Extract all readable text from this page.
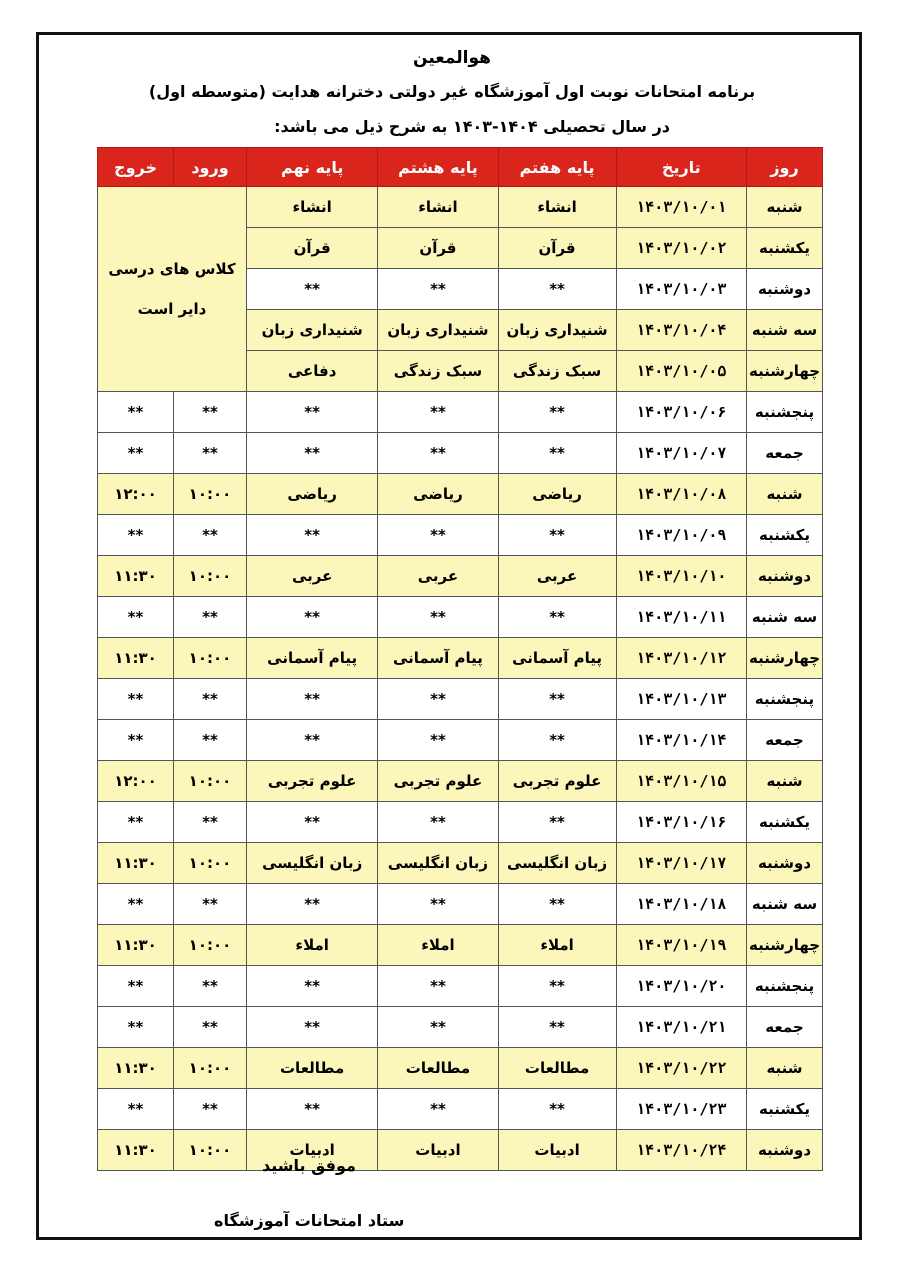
هوالمعین
برنامه امتحانات نوبت اول آموزشگاه غیر دولتی دخترانه هدایت (متوسطه اول)
در سال تحصیلی ۱۴۰۴-۱۴۰۳ به شرح ذیل می باشد:
روز	تاریخ	پایه هفتم	پایه هشتم	پایه نهم	ورود	خروج
شنبه	۱۴۰۳/۱۰/۰۱	انشاء	انشاء	انشاء	کلاس های درسی دایر است	
یکشنبه	۱۴۰۳/۱۰/۰۲	قرآن	قرآن	قرآن		
دوشنبه	۱۴۰۳/۱۰/۰۳	**	**	**		
سه شنبه	۱۴۰۳/۱۰/۰۴	شنیداری زبان	شنیداری زبان	شنیداری زبان		
چهارشنبه	۱۴۰۳/۱۰/۰۵	سبک زندگی	سبک زندگی	دفاعی		
پنجشنبه	۱۴۰۳/۱۰/۰۶	**	**	**	**	**
جمعه	۱۴۰۳/۱۰/۰۷	**	**	**	**	**
شنبه	۱۴۰۳/۱۰/۰۸	ریاضی	ریاضی	ریاضی	۱۰:۰۰	۱۲:۰۰
یکشنبه	۱۴۰۳/۱۰/۰۹	**	**	**	**	**
دوشنبه	۱۴۰۳/۱۰/۱۰	عربی	عربی	عربی	۱۰:۰۰	۱۱:۳۰
سه شنبه	۱۴۰۳/۱۰/۱۱	**	**	**	**	**
چهارشنبه	۱۴۰۳/۱۰/۱۲	پیام آسمانی	پیام آسمانی	پیام آسمانی	۱۰:۰۰	۱۱:۳۰
پنجشنبه	۱۴۰۳/۱۰/۱۳	**	**	**	**	**
جمعه	۱۴۰۳/۱۰/۱۴	**	**	**	**	**
شنبه	۱۴۰۳/۱۰/۱۵	علوم تجربی	علوم تجربی	علوم تجربی	۱۰:۰۰	۱۲:۰۰
یکشنبه	۱۴۰۳/۱۰/۱۶	**	**	**	**	**
دوشنبه	۱۴۰۳/۱۰/۱۷	زبان انگلیسی	زبان انگلیسی	زبان انگلیسی	۱۰:۰۰	۱۱:۳۰
سه شنبه	۱۴۰۳/۱۰/۱۸	**	**	**	**	**
چهارشنبه	۱۴۰۳/۱۰/۱۹	املاء	املاء	املاء	۱۰:۰۰	۱۱:۳۰
پنجشنبه	۱۴۰۳/۱۰/۲۰	**	**	**	**	**
جمعه	۱۴۰۳/۱۰/۲۱	**	**	**	**	**
شنبه	۱۴۰۳/۱۰/۲۲	مطالعات	مطالعات	مطالعات	۱۰:۰۰	۱۱:۳۰
یکشنبه	۱۴۰۳/۱۰/۲۳	**	**	**	**	**
دوشنبه	۱۴۰۳/۱۰/۲۴	ادبیات	ادبیات	ادبیات	۱۰:۰۰	۱۱:۳۰
موفق باشید
ستاد امتحانات آموزشگاه
